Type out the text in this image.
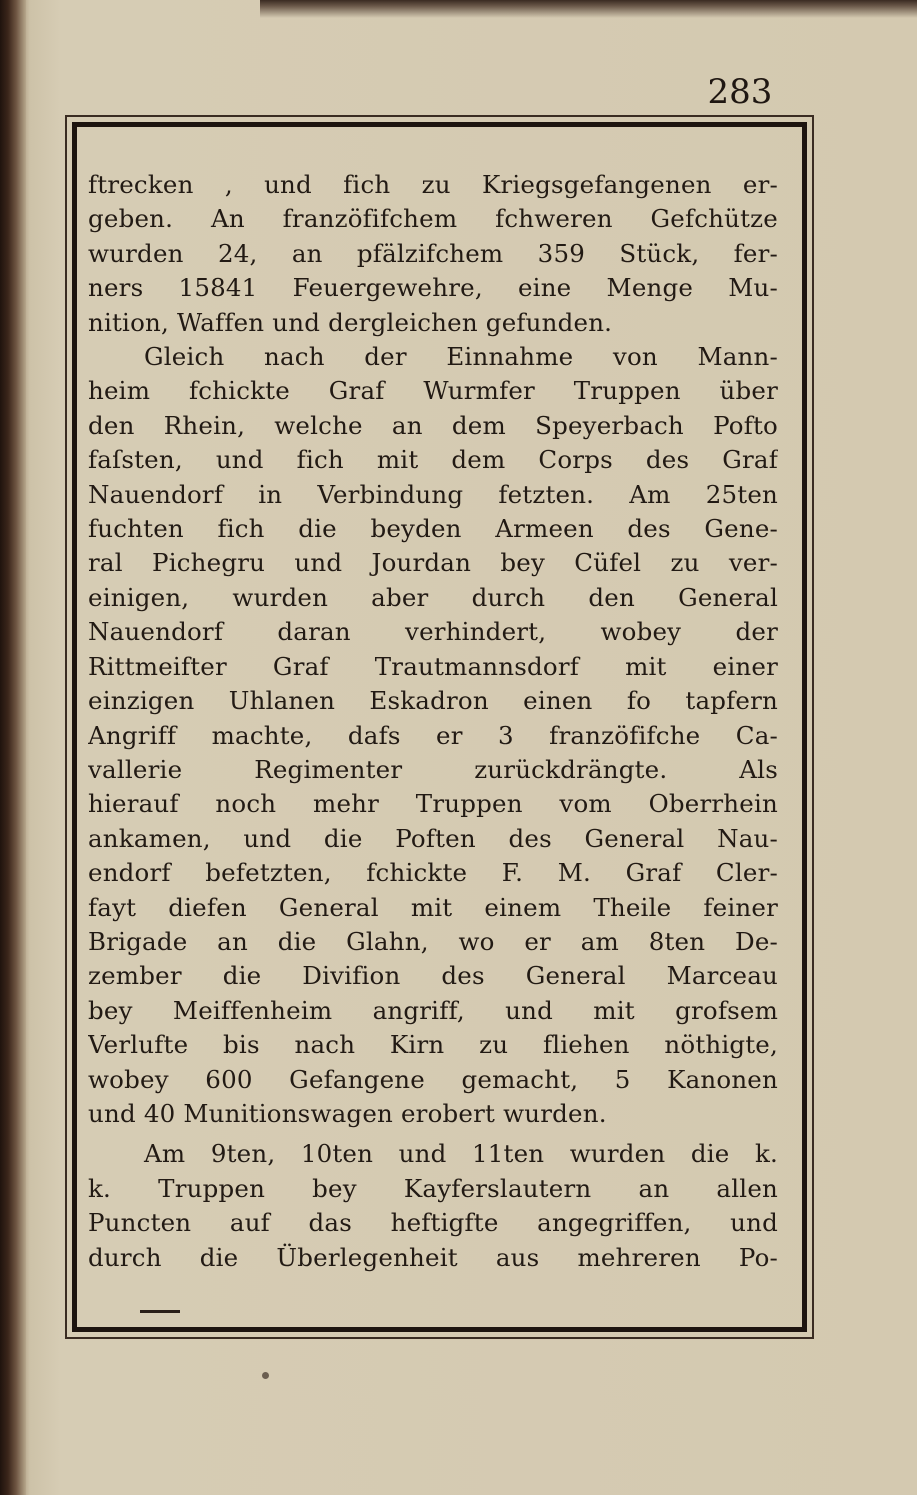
283
ftrecken , und fich zu Kriegsgefangenen er-
geben. An franzöfifchem fchweren Gefchütze
wurden 24, an pfälzifchem 359 Stück, fer-
ners 15841 Feuergewehre, eine Menge Mu-
nition, Waffen und dergleichen gefunden.
Gleich nach der Einnahme von Mann-
heim fchickte Graf Wurmfer Truppen über
den Rhein, welche an dem Speyerbach Pofto
faſsten, und fich mit dem Corps des Graf
Nauendorf in Verbindung fetzten. Am 25ten
fuchten fich die beyden Armeen des Gene-
ral Pichegru und Jourdan bey Cüfel zu ver-
einigen, wurden aber durch den General
Nauendorf daran verhindert, wobey der
Rittmeifter Graf Trautmannsdorf mit einer
einzigen Uhlanen Eskadron einen fo tapfern
Angriff machte, dafs er 3 franzöfifche Ca-
vallerie Regimenter zurückdrängte. Als
hierauf noch mehr Truppen vom Oberrhein
ankamen, und die Poften des General Nau-
endorf befetzten, fchickte F. M. Graf Cler-
fayt diefen General mit einem Theile feiner
Brigade an die Glahn, wo er am 8ten De-
zember die Divifion des General Marceau
bey Meiffenheim angriff, und mit grofsem
Verlufte bis nach Kirn zu fliehen nöthigte,
wobey 600 Gefangene gemacht, 5 Kanonen
und 40 Munitionswagen erobert wurden.
Am 9ten, 10ten und 11ten wurden die k.
k. Truppen bey Kayferslautern an allen
Puncten auf das heftigfte angegriffen, und
durch die Überlegenheit aus mehreren Po-
